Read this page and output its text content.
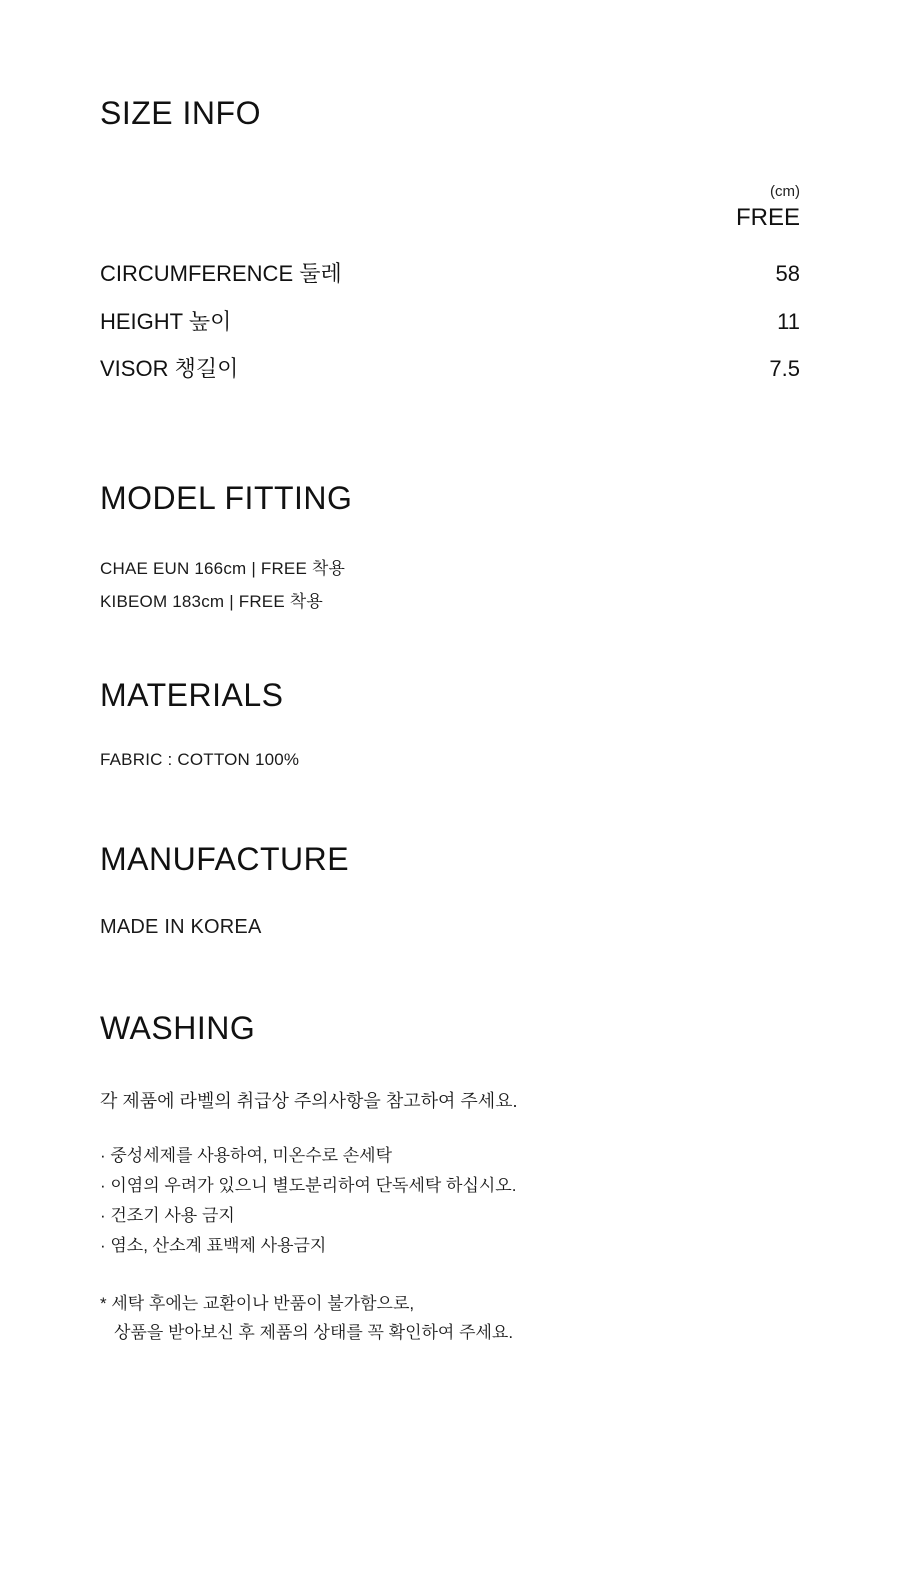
SIZE INFO
	(cm)
	FREE
CIRCUMFERENCE 둘레	58
HEIGHT 높이	11
VISOR 챙길이	7.5
MODEL FITTING
CHAE EUN 166cm | FREE 착용
KIBEOM 183cm | FREE 착용
MATERIALS
FABRIC : COTTON 100%
MANUFACTURE
MADE IN KOREA
WASHING
각 제품에 라벨의 취급상 주의사항을 참고하여 주세요.
· 중성세제를 사용하여, 미온수로 손세탁
· 이염의 우려가 있으니 별도분리하여 단독세탁 하십시오.
· 건조기 사용 금지
· 염소, 산소계 표백제 사용금지
* 세탁 후에는 교환이나 반품이 불가함으로,
상품을 받아보신 후 제품의 상태를 꼭 확인하여 주세요.
